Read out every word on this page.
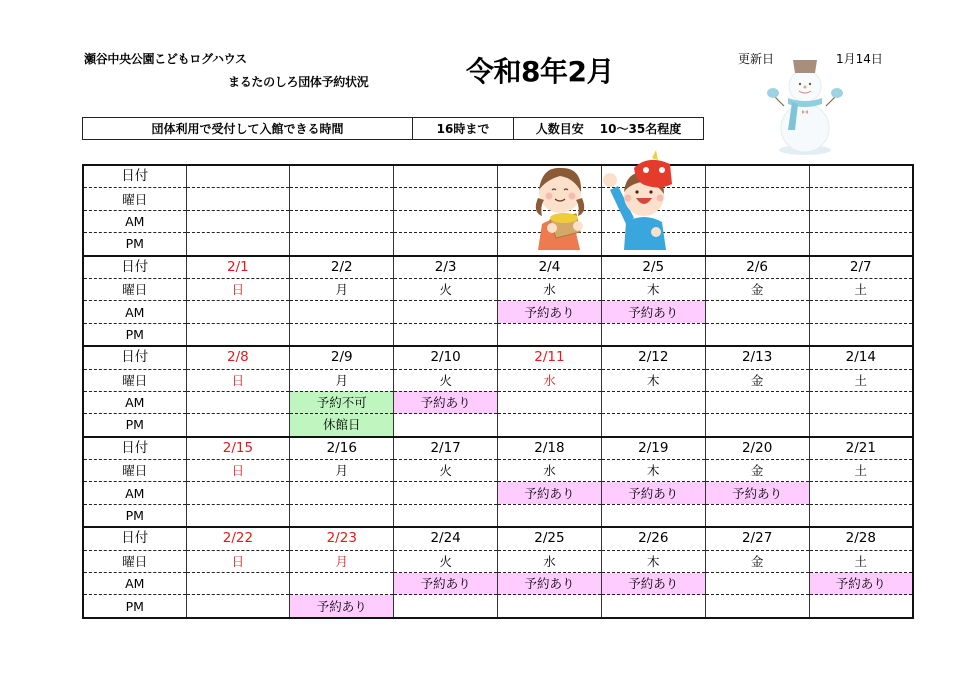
瀬谷中央公園こどもログハウス
まるたのしろ団体予約状況	令和8年2月	更新日	1月14日
団体利用で受付して入館できる時間	16時まで	人数目安 10～35名程度
日付							
曜日							
AM							
PM							
日付	2/1	2/2	2/3	2/4	2/5	2/6	2/7
曜日	日	月	火	水	木	金	土
AM				予約あり	予約あり		
PM							
日付	2/8	2/9	2/10	2/11	2/12	2/13	2/14
曜日	日	月	火	水	木	金	土
AM		予約不可	予約あり				
PM		休館日					
日付	2/15	2/16	2/17	2/18	2/19	2/20	2/21
曜日	日	月	火	水	木	金	土
AM				予約あり	予約あり	予約あり	
PM							
日付	2/22	2/23	2/24	2/25	2/26	2/27	2/28
曜日	日	月	火	水	木	金	土
AM			予約あり	予約あり	予約あり		予約あり
PM		予約あり					
